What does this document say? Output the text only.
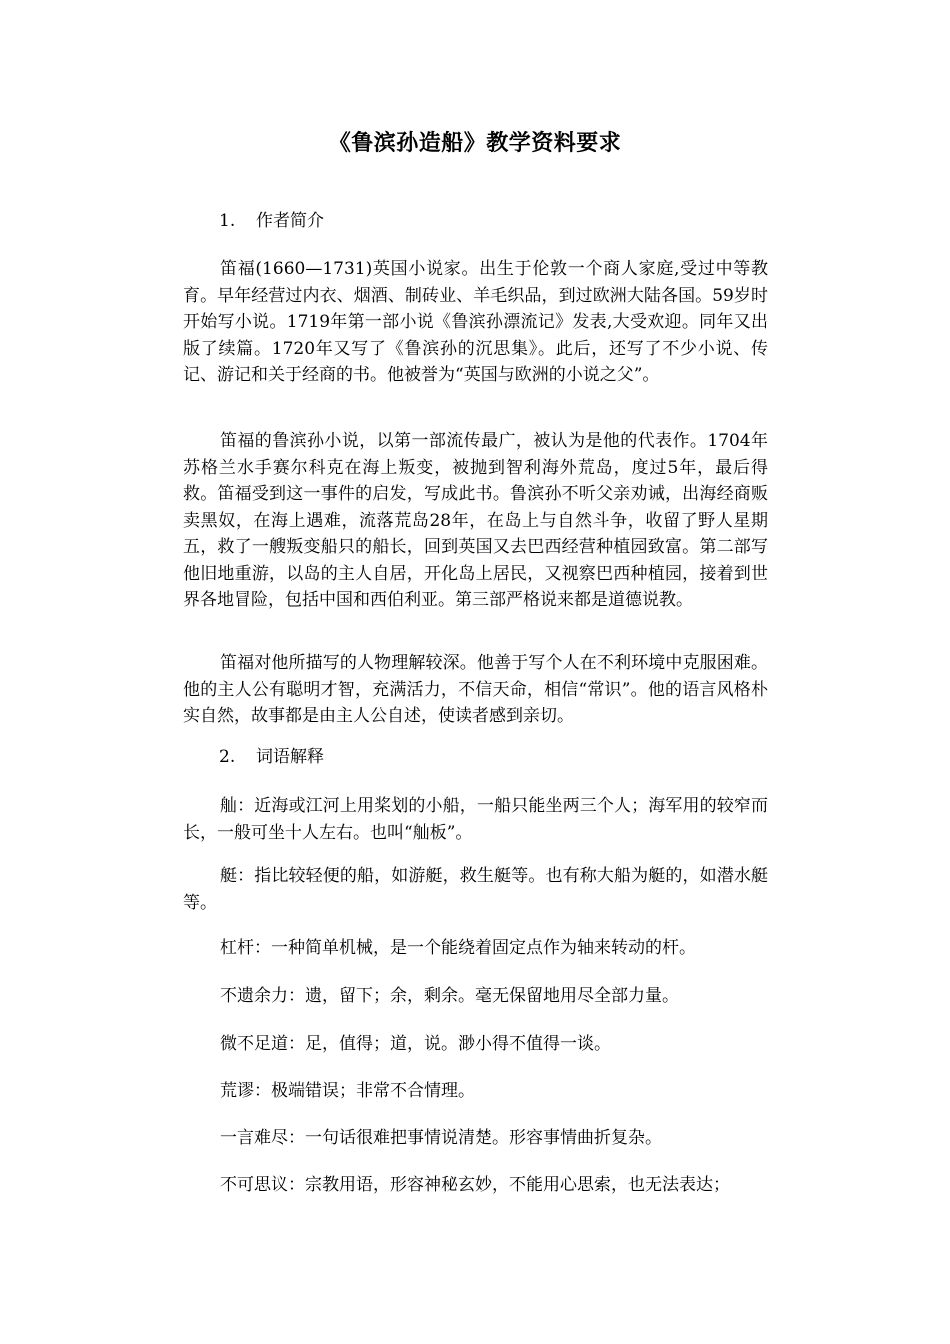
《鲁滨孙造船》教学资料要求
1.	作者简介

笛福(1660—1731)英国小说家。出生于伦敦一个商人家庭,受过中等教育。早年经营过内衣、烟酒、制砖业、羊毛织品，到过欧洲大陆各国。59岁时开始写小说。1719年第一部小说《鲁滨孙漂流记》发表,大受欢迎。同年又出版了续篇。1720年又写了《鲁滨孙的沉思集》。此后，还写了不少小说、传记、游记和关于经商的书。他被誉为“英国与欧洲的小说之父”。

笛福的鲁滨孙小说，以第一部流传最广，被认为是他的代表作。1704年苏格兰水手赛尔科克在海上叛变，被抛到智利海外荒岛，度过5年，最后得救。笛福受到这一事件的启发，写成此书。鲁滨孙不听父亲劝诫，出海经商贩卖黑奴，在海上遇难，流落荒岛28年，在岛上与自然斗争，收留了野人星期五，救了一艘叛变船只的船长，回到英国又去巴西经营种植园致富。第二部写他旧地重游，以岛的主人自居，开化岛上居民，又视察巴西种植园，接着到世界各地冒险，包括中国和西伯利亚。第三部严格说来都是道德说教。

笛福对他所描写的人物理解较深。他善于写个人在不利环境中克服困难。他的主人公有聪明才智，充满活力，不信天命，相信“常识”。他的语言风格朴实自然，故事都是由主人公自述，使读者感到亲切。

2.	词语解释

舢：近海或江河上用桨划的小船，一船只能坐两三个人；海军用的较窄而长，一般可坐十人左右。也叫“舢板”。

艇：指比较轻便的船，如游艇，救生艇等。也有称大船为艇的，如潜水艇等。

杠杆：一种简单机械，是一个能绕着固定点作为轴来转动的杆。

不遗余力：遗，留下；余，剩余。毫无保留地用尽全部力量。

微不足道：足，值得；道，说。渺小得不值得一谈。

荒谬：极端错误；非常不合情理。

一言难尽：一句话很难把事情说清楚。形容事情曲折复杂。

不可思议：宗教用语，形容神秘玄妙，不能用心思索，也无法表达；
